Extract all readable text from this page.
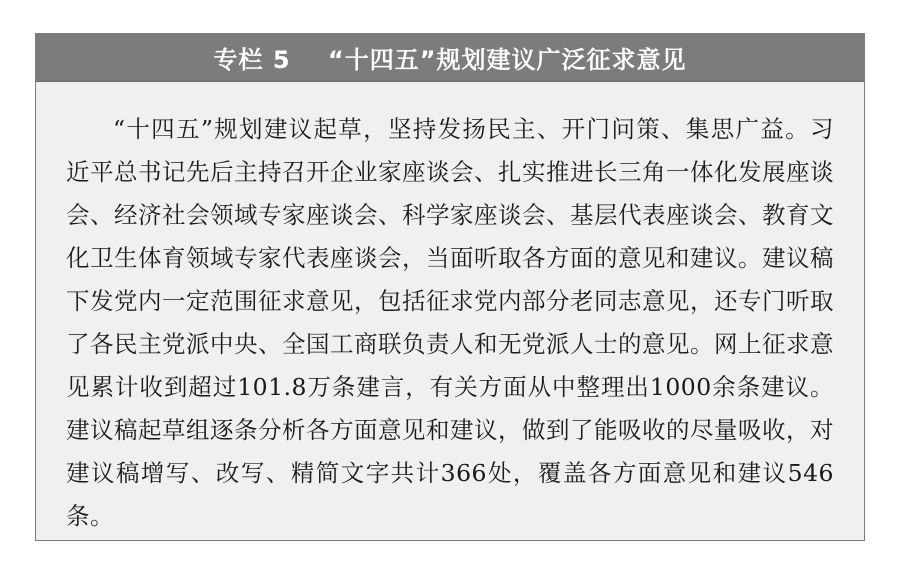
专栏 5    “十四五”规划建议广泛征求意见

“十四五”规划建议起草，坚持发扬民主、开门问策、集思广益。习近平总书记先后主持召开企业家座谈会、扎实推进长三角一体化发展座谈会、经济社会领域专家座谈会、科学家座谈会、基层代表座谈会、教育文化卫生体育领域专家代表座谈会，当面听取各方面的意见和建议。建议稿下发党内一定范围征求意见，包括征求党内部分老同志意见，还专门听取了各民主党派中央、全国工商联负责人和无党派人士的意见。网上征求意见累计收到超过101.8万条建言，有关方面从中整理出1000余条建议。建议稿起草组逐条分析各方面意见和建议，做到了能吸收的尽量吸收，对建议稿增写、改写、精简文字共计366处，覆盖各方面意见和建议546条。
